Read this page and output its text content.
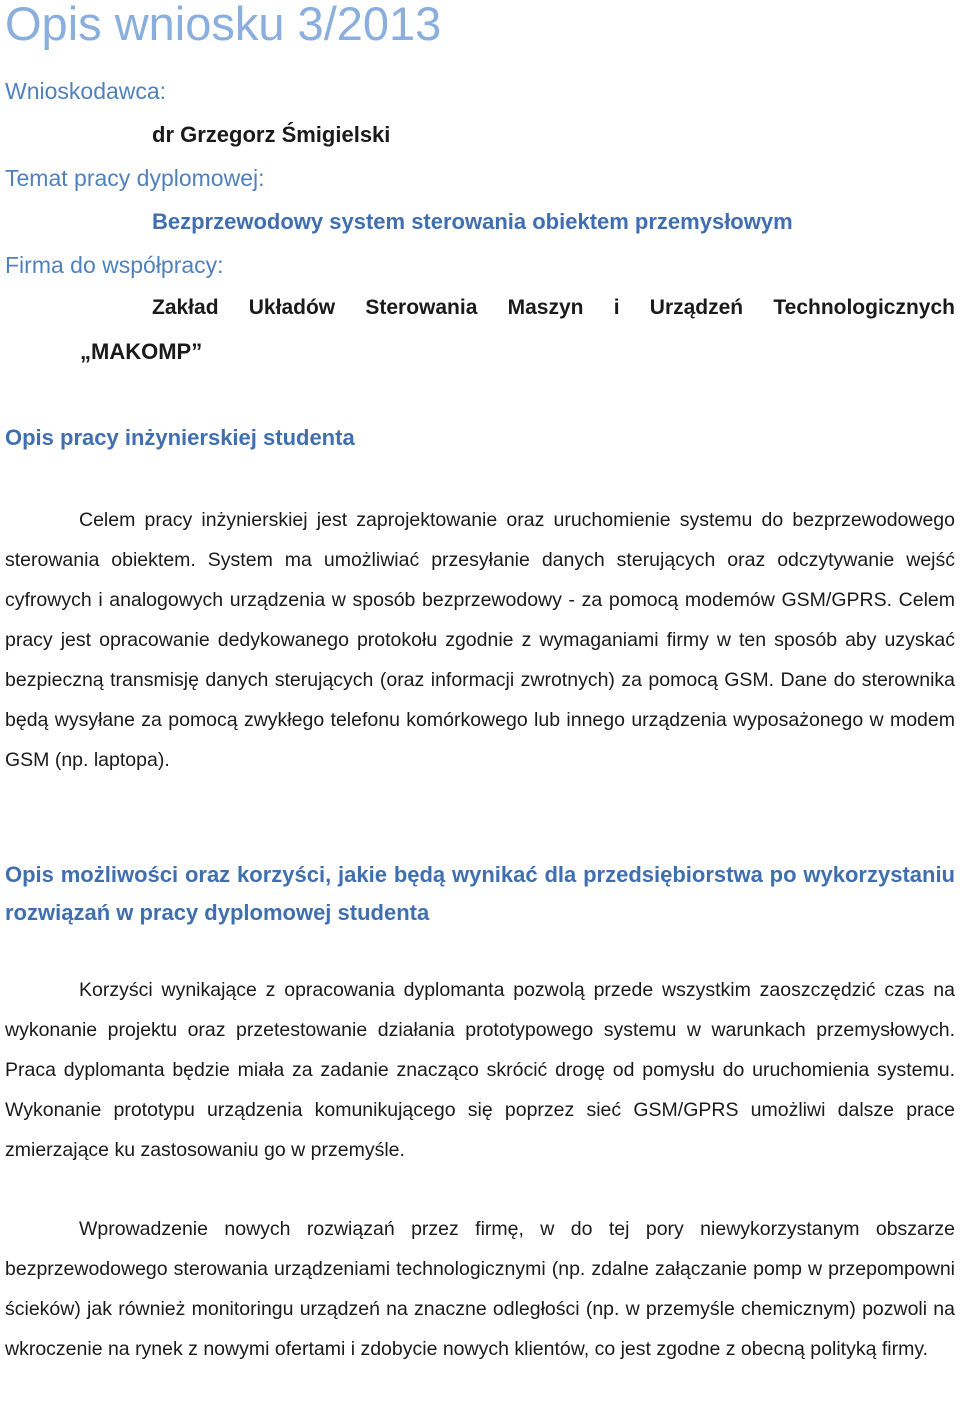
Opis wniosku 3/2013

Wnioskodawca:

dr Grzegorz Śmigielski

Temat pracy dyplomowej:

Bezprzewodowy system sterowania obiektem przemysłowym

Firma do współpracy:

Zakład Układów Sterowania Maszyn i Urządzeń Technologicznych

„MAKOMP”

Opis pracy inżynierskiej studenta

Celem pracy inżynierskiej jest zaprojektowanie oraz uruchomienie systemu do bezprzewodowego sterowania obiektem. System ma umożliwiać przesyłanie danych sterujących oraz odczytywanie wejść cyfrowych i analogowych urządzenia w sposób bezprzewodowy - za pomocą modemów GSM/GPRS. Celem pracy jest opracowanie dedykowanego protokołu zgodnie z wymaganiami firmy w ten sposób aby uzyskać bezpieczną transmisję danych sterujących (oraz informacji zwrotnych) za pomocą GSM. Dane do sterownika będą wysyłane za pomocą zwykłego telefonu komórkowego lub innego urządzenia wyposażonego w modem GSM (np. laptopa).

Opis możliwości oraz korzyści, jakie będą wynikać dla przedsiębiorstwa po wykorzystaniu rozwiązań w pracy dyplomowej studenta

Korzyści wynikające z opracowania dyplomanta pozwolą przede wszystkim zaoszczędzić czas na wykonanie projektu oraz przetestowanie działania prototypowego systemu w warunkach przemysłowych. Praca dyplomanta będzie miała za zadanie znacząco skrócić drogę od pomysłu do uruchomienia systemu. Wykonanie prototypu urządzenia komunikującego się poprzez sieć GSM/GPRS umożliwi dalsze prace zmierzające ku zastosowaniu go w przemyśle.

Wprowadzenie nowych rozwiązań przez firmę, w do tej pory niewykorzystanym obszarze bezprzewodowego sterowania urządzeniami technologicznymi (np. zdalne załączanie pomp w przepompowni ścieków) jak również monitoringu urządzeń na znaczne odległości (np. w przemyśle chemicznym) pozwoli na wkroczenie na rynek z nowymi ofertami i zdobycie nowych klientów, co jest zgodne z obecną polityką firmy.
